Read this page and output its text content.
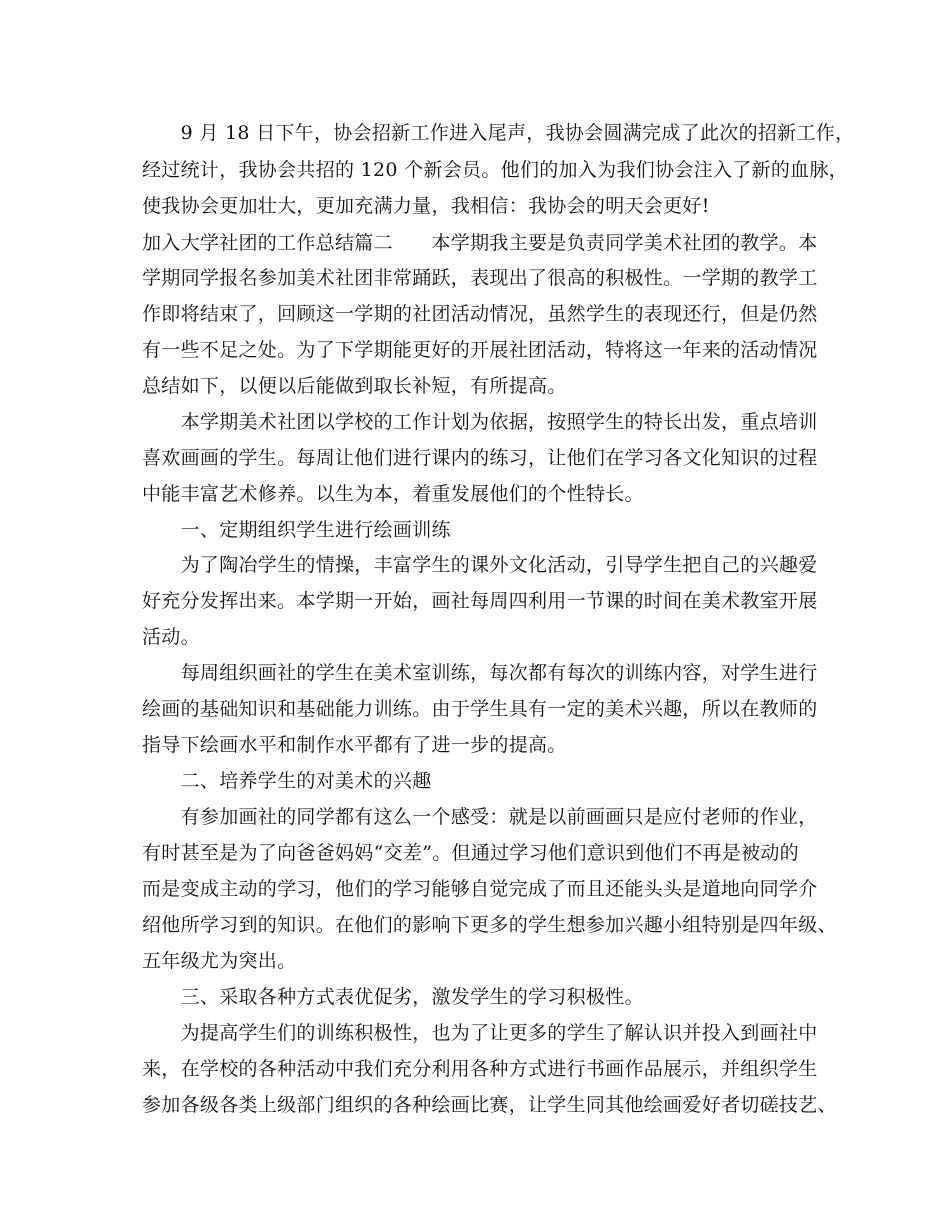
　　9 月 18 日下午，协会招新工作进入尾声，我协会圆满完成了此次的招新工作，
经过统计，我协会共招的 120 个新会员。他们的加入为我们协会注入了新的血脉，
使我协会更加壮大，更加充满力量，我相信：我协会的明天会更好!
加入大学社团的工作总结篇二　　本学期我主要是负责同学美术社团的教学。本
学期同学报名参加美术社团非常踊跃，表现出了很高的积极性。一学期的教学工
作即将结束了，回顾这一学期的社团活动情况，虽然学生的表现还行，但是仍然
有一些不足之处。为了下学期能更好的开展社团活动，特将这一年来的活动情况
总结如下，以便以后能做到取长补短，有所提高。
　　本学期美术社团以学校的工作计划为依据，按照学生的特长出发，重点培训
喜欢画画的学生。每周让他们进行课内的练习，让他们在学习各文化知识的过程
中能丰富艺术修养。以生为本，着重发展他们的个性特长。
　　一、定期组织学生进行绘画训练
　　为了陶冶学生的情操，丰富学生的课外文化活动，引导学生把自己的兴趣爱
好充分发挥出来。本学期一开始，画社每周四利用一节课的时间在美术教室开展
活动。
　　每周组织画社的学生在美术室训练，每次都有每次的训练内容，对学生进行
绘画的基础知识和基础能力训练。由于学生具有一定的美术兴趣，所以在教师的
指导下绘画水平和制作水平都有了进一步的提高。
　　二、培养学生的对美术的兴趣
　　有参加画社的同学都有这么一个感受：就是以前画画只是应付老师的作业，
有时甚至是为了向爸爸妈妈“交差”。但通过学习他们意识到他们不再是被动的
而是变成主动的学习，他们的学习能够自觉完成了而且还能头头是道地向同学介
绍他所学习到的知识。在他们的影响下更多的学生想参加兴趣小组特别是四年级、
五年级尤为突出。
　　三、采取各种方式表优促劣，激发学生的学习积极性。
　　为提高学生们的训练积极性，也为了让更多的学生了解认识并投入到画社中
来，在学校的各种活动中我们充分利用各种方式进行书画作品展示，并组织学生
参加各级各类上级部门组织的各种绘画比赛，让学生同其他绘画爱好者切磋技艺、
